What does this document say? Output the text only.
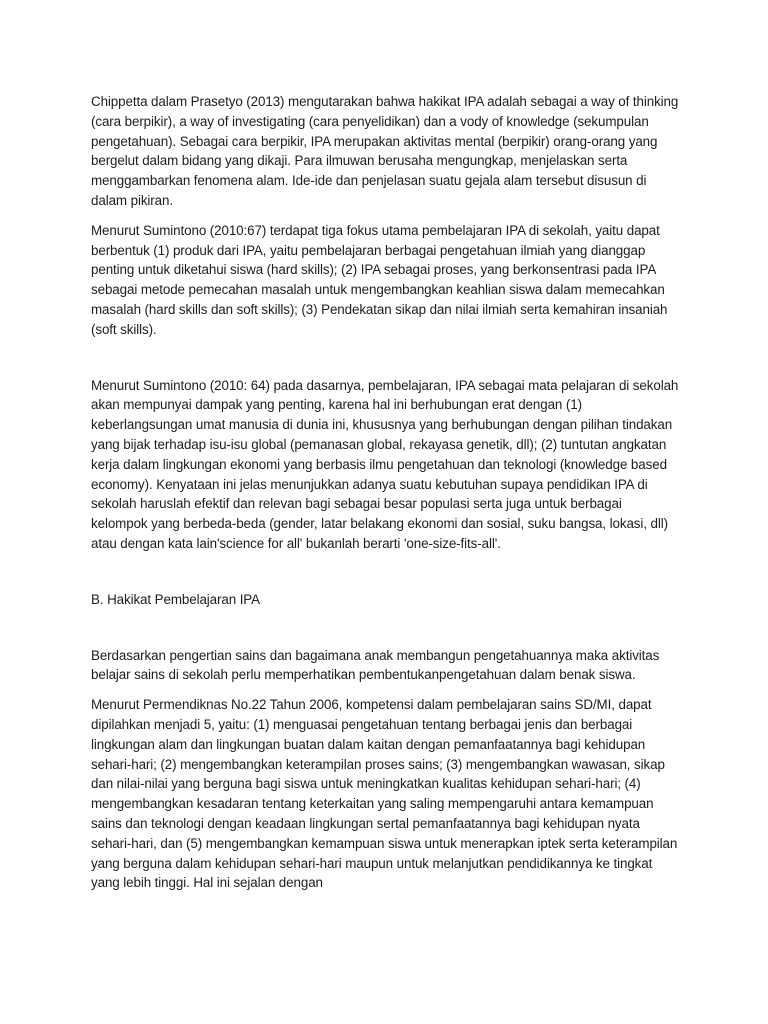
Chippetta dalam Prasetyo (2013) mengutarakan bahwa hakikat IPA adalah sebagai a way of thinking (cara berpikir), a way of investigating (cara penyelidikan) dan a vody of knowledge (sekumpulan pengetahuan). Sebagai cara berpikir, IPA merupakan aktivitas mental (berpikir) orang-orang yang bergelut dalam bidang yang dikaji. Para ilmuwan berusaha mengungkap, menjelaskan serta menggambarkan fenomena alam. Ide-ide dan penjelasan suatu gejala alam tersebut disusun di dalam pikiran.

Menurut Sumintono (2010:67) terdapat tiga fokus utama pembelajaran IPA di sekolah, yaitu dapat berbentuk (1) produk dari IPA, yaitu pembelajaran berbagai pengetahuan ilmiah yang dianggap penting untuk diketahui siswa (hard skills); (2) IPA sebagai proses, yang berkonsentrasi pada IPA sebagai metode pemecahan masalah untuk mengembangkan keahlian siswa dalam memecahkan masalah (hard skills dan soft skills); (3) Pendekatan sikap dan nilai ilmiah serta kemahiran insaniah (soft skills).

Menurut Sumintono (2010: 64) pada dasarnya, pembelajaran, IPA sebagai mata pelajaran di sekolah akan mempunyai dampak yang penting, karena hal ini berhubungan erat dengan (1) keberlangsungan umat manusia di dunia ini, khususnya yang berhubungan dengan pilihan tindakan yang bijak terhadap isu-isu global (pemanasan global, rekayasa genetik, dll); (2) tuntutan angkatan kerja dalam lingkungan ekonomi yang berbasis ilmu pengetahuan dan teknologi (knowledge based economy). Kenyataan ini jelas menunjukkan adanya suatu kebutuhan supaya pendidikan IPA di sekolah haruslah efektif dan relevan bagi sebagai besar populasi serta juga untuk berbagai kelompok yang berbeda-beda (gender, latar belakang ekonomi dan sosial, suku bangsa, lokasi, dll) atau dengan kata lain'science for all' bukanlah berarti 'one-size-fits-all'.

B. Hakikat Pembelajaran IPA

Berdasarkan pengertian sains dan bagaimana anak membangun pengetahuannya maka aktivitas belajar sains di sekolah perlu memperhatikan pembentukanpengetahuan dalam benak siswa.

Menurut Permendiknas No.22 Tahun 2006, kompetensi dalam pembelajaran sains SD/MI, dapat dipilahkan menjadi 5, yaitu: (1) menguasai pengetahuan tentang berbagai jenis dan berbagai lingkungan alam dan lingkungan buatan dalam kaitan dengan pemanfaatannya bagi kehidupan sehari-hari; (2) mengembangkan keterampilan proses sains; (3) mengembangkan wawasan, sikap dan nilai-nilai yang berguna bagi siswa untuk meningkatkan kualitas kehidupan sehari-hari; (4) mengembangkan kesadaran tentang keterkaitan yang saling mempengaruhi antara kemampuan sains dan teknologi dengan keadaan lingkungan sertal pemanfaatannya bagi kehidupan nyata sehari-hari, dan (5) mengembangkan kemampuan siswa untuk menerapkan iptek serta keterampilan yang berguna dalam kehidupan sehari-hari maupun untuk melanjutkan pendidikannya ke tingkat yang lebih tinggi. Hal ini sejalan dengan
